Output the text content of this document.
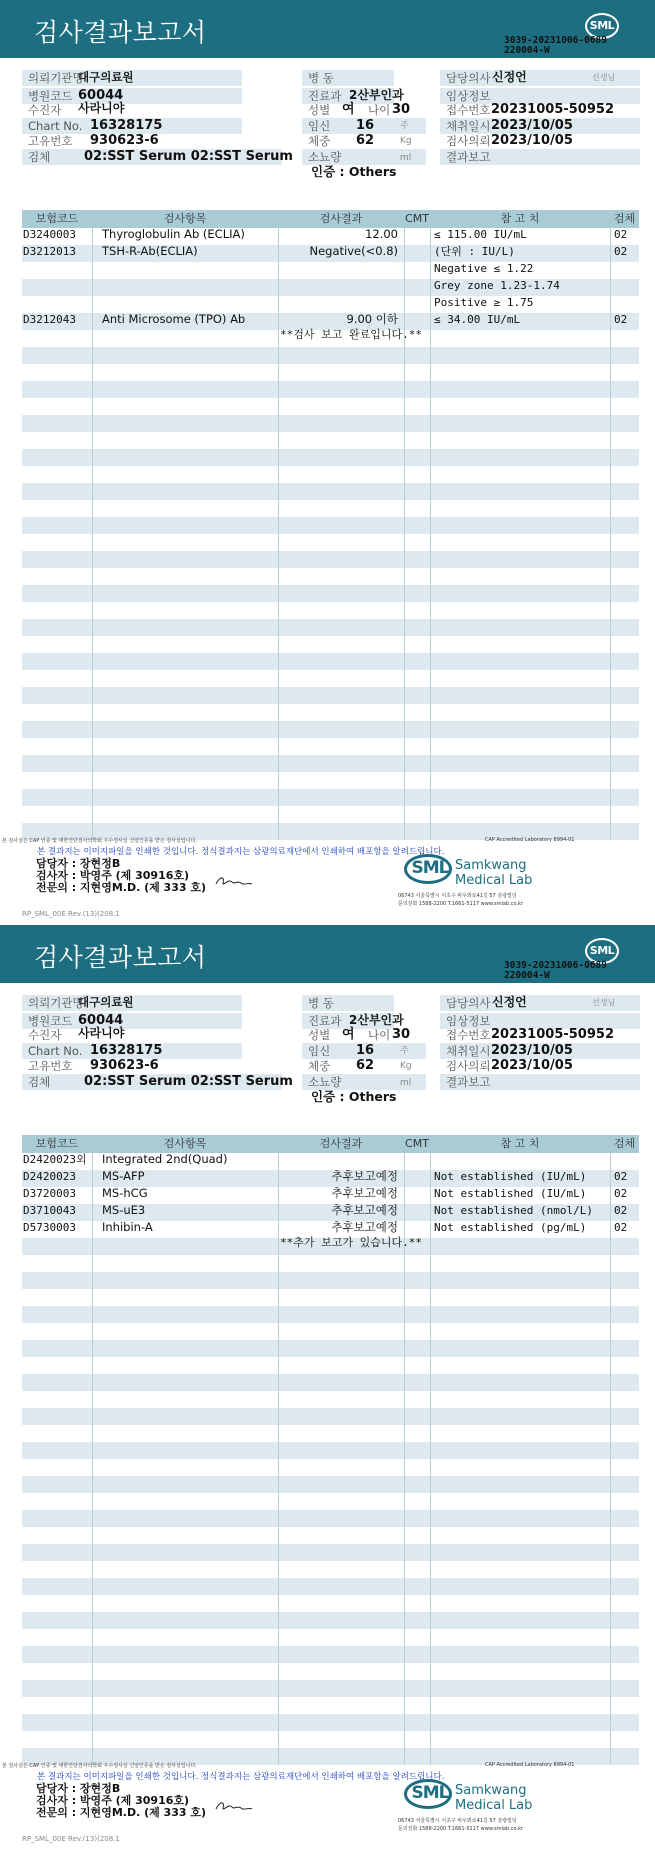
검사결과보고서	SML
3039-20231006-0689
220004-W
의뢰기관명
대구의료원
병원코드 60044
병 동
진료과 2산부인과
담당의사 신정언	선생님
임상정보
수진자 사라니야
Chart No. 16328175
고유번호 930623-6
검체	02:SST Serum 02:SST Serum
성별 여	나이 30
임신	16	주
체중 62	Kg
소뇨량	ml
인증 : Others
접수번호 20231005-50952
채취일시 2023/10/05
검사의뢰 2023/10/05
결과보고
보험코드	검사항목	검사결과	CMT	참 고 치	검체
D3240003 Thyroglobulin Ab (ECLIA)	12.00	≤ 115.00 IU/mL	02
D3212013 TSH-R-Ab(ECLIA)	Negative(<0.8)	(단위 : IU/L)	02
Negative ≤ 1.22
Grey zone 1.23-1.74
Positive ≥ 1.75
D3212043 Anti Microsome (TPO) Ab	9.00 이하	≤ 34.00 IU/mL	02
**검사 보고 완료입니다.**
본 검사실은 CAP 인증 및 대한진단검사의학회 우수검사실 신임인증을 받은 검사실입니다.	CAP Accredited Laboratory 8994-01
본 결과지는 이미지파일을 인쇄한 것입니다. 정식결과지는 삼광의료재단에서 인쇄하여 배포함을 알려드립니다.
담당자 : 장현정B
검사자 : 박영주 (제 30916호)
전문의 : 지현영M.D. (제 333 호)
SML Samkwang
Medical Lab
06743 서울특별시 서초구 바우뫼로41길 57 삼광빌딩
문의전화 1588-2200 T.1661-5117 www.smlab.co.kr
RP_SML_00E Rev.(13)(208.1
검사결과보고서	SML
3039-20231006-0689
220004-W
의뢰기관명
대구의료원
병원코드 60044
병 동
진료과 2산부인과
담당의사 신정언	선생님
임상정보
수진자 사라니야
Chart No. 16328175
고유번호 930623-6
검체	02:SST Serum 02:SST Serum
성별 여	나이 30
임신	16	주
체중 62	Kg
소뇨량	ml
인증 : Others
접수번호 20231005-50952
채취일시 2023/10/05
검사의뢰 2023/10/05
결과보고
보험코드	검사항목	검사결과	CMT	참 고 치	검체
D2420023외 Integrated 2nd(Quad)
D2420023 MS-AFP	추후보고예정	Not established (IU/mL)	02
D3720003 MS-hCG	추후보고예정	Not established (IU/mL)	02
D3710043 MS-uE3	추후보고예정	Not established (nmol/L) 02
D5730003 Inhibin-A	추후보고예정	Not established (pg/mL)	02
**추가 보고가 있습니다.**
본 검사실은 CAP 인증 및 대한진단검사의학회 우수검사실 신임인증을 받은 검사실입니다.	CAP Accredited Laboratory 8994-01
본 결과지는 이미지파일을 인쇄한 것입니다. 정식결과지는 삼광의료재단에서 인쇄하여 배포함을 알려드립니다.
담당자 : 장현정B
검사자 : 박영주 (제 30916호)
전문의 : 지현영M.D. (제 333 호)
SML Samkwang
Medical Lab
06743 서울특별시 서초구 바우뫼로41길 57 삼광빌딩
문의전화 1588-2200 T.1661-5117 www.smlab.co.kr
RP_SML_00E Rev.(13)(208.1
